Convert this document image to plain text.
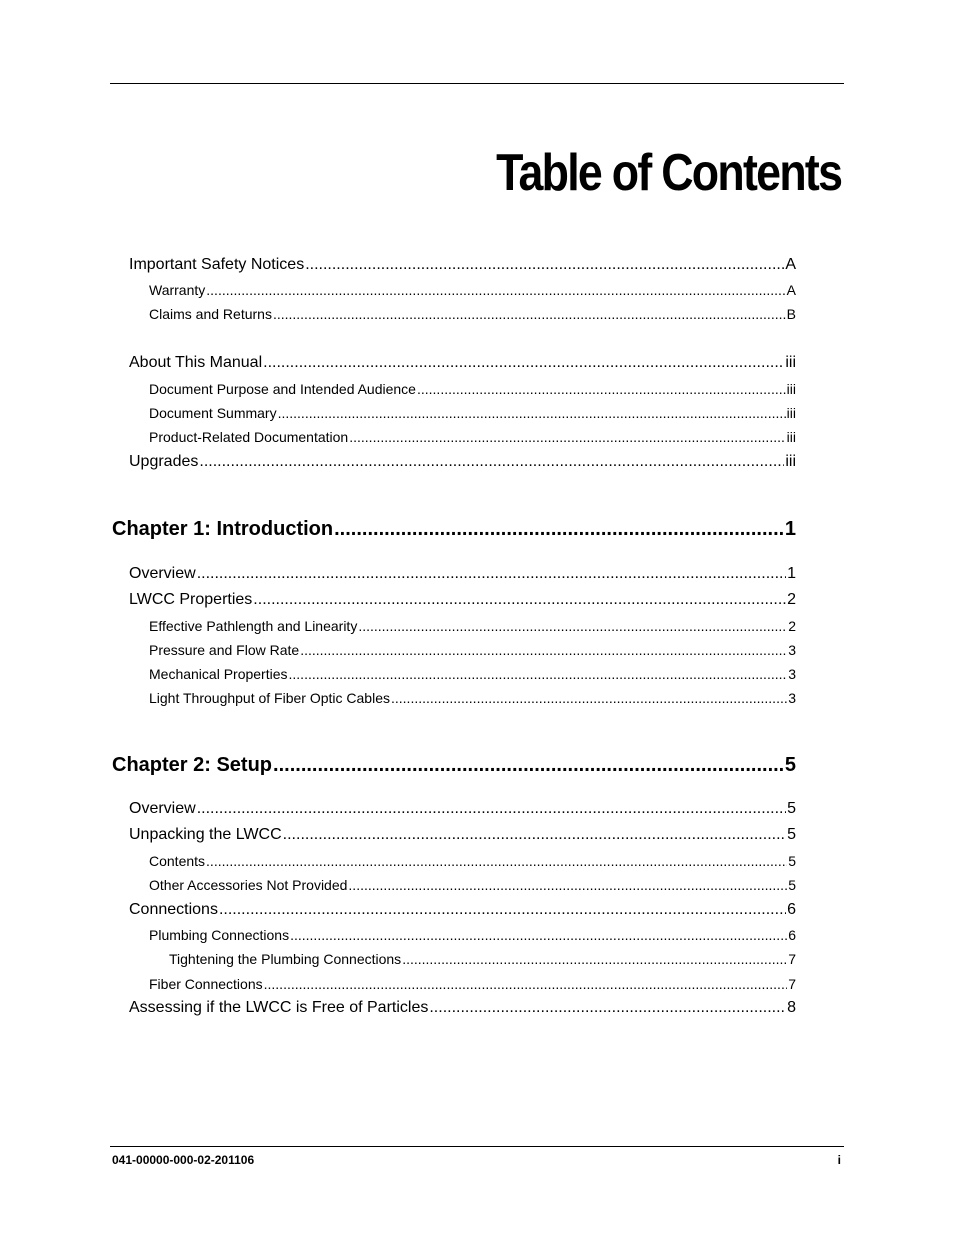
Table of Contents
Important Safety Notices .....	A
Warranty .....	A
Claims and Returns .....	B
About This Manual .....	iii
Document Purpose and Intended Audience .....	iii
Document Summary .....	iii
Product-Related Documentation .....	iii
Upgrades .....	iii
Chapter 1: Introduction .....	1
Overview .....	1
LWCC Properties .....	2
Effective Pathlength and Linearity .....	2
Pressure and Flow Rate .....	3
Mechanical Properties .....	3
Light Throughput of Fiber Optic Cables .....	3
Chapter 2: Setup .....	5
Overview .....	5
Unpacking the LWCC .....	5
Contents .....	5
Other Accessories Not Provided .....	5
Connections .....	6
Plumbing Connections .....	6
Tightening the Plumbing Connections .....	7
Fiber Connections .....	7
Assessing if the LWCC is Free of Particles .....	8
041-00000-000-02-201106	i
